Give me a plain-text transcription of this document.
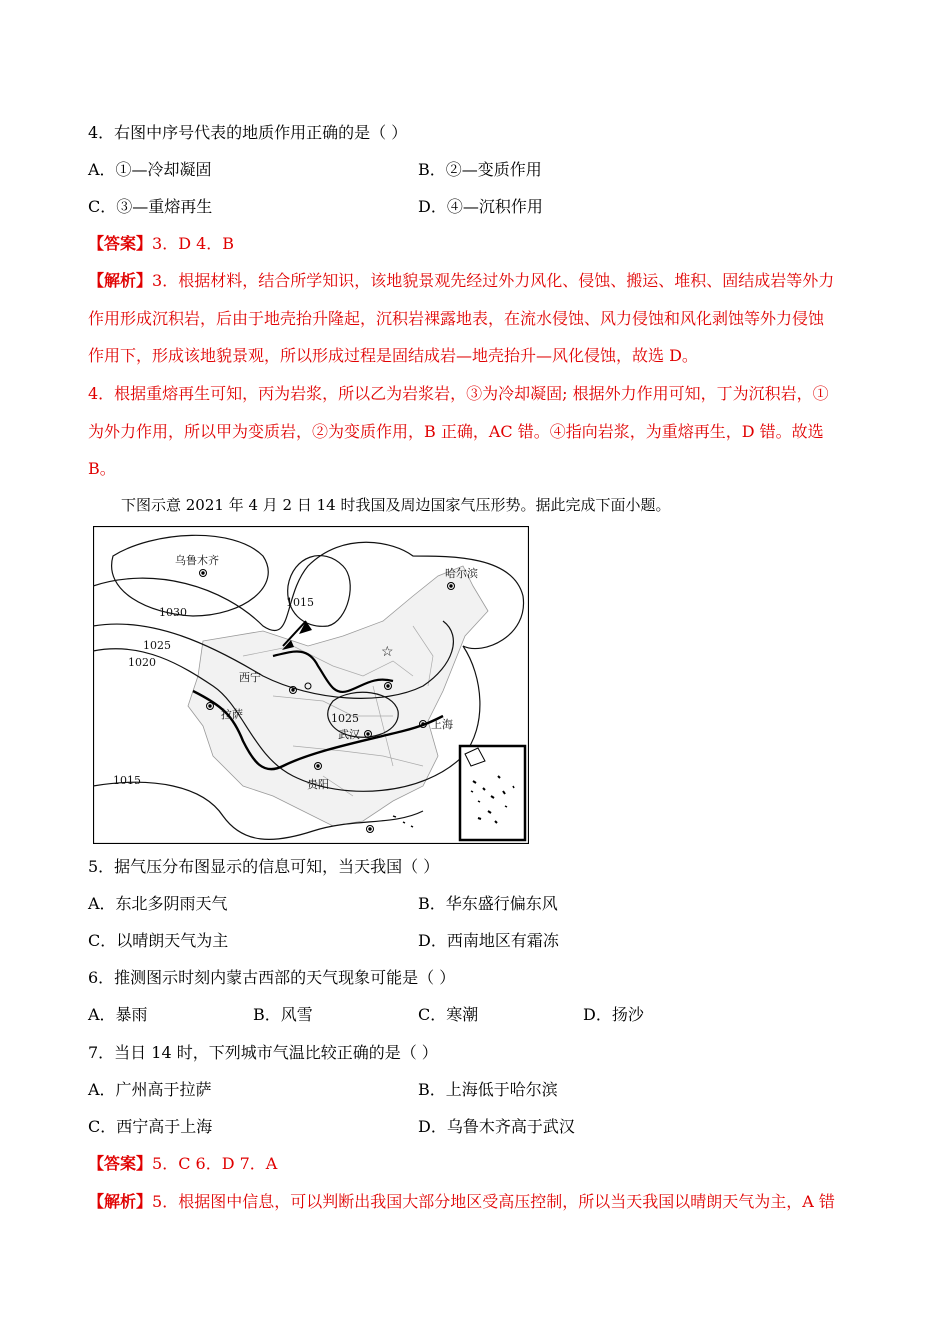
4．右图中序号代表的地质作用正确的是（ ）
A．①—冷却凝固	B．②—变质作用
C．③—重熔再生	D．④—沉积作用
【答案】3．D 4．B
【解析】3．根据材料，结合所学知识，该地貌景观先经过外力风化、侵蚀、搬运、堆积、固结成岩等外力
作用形成沉积岩，后由于地壳抬升隆起，沉积岩裸露地表，在流水侵蚀、风力侵蚀和风化剥蚀等外力侵蚀
作用下，形成该地貌景观，所以形成过程是固结成岩—地壳抬升—风化侵蚀，故选 D。
4．根据重熔再生可知，丙为岩浆，所以乙为岩浆岩，③为冷却凝固; 根据外力作用可知，丁为沉积岩，①
为外力作用，所以甲为变质岩，②为变质作用，B 正确，AC 错。④指向岩浆，为重熔再生，D 错。故选
B。
下图示意 2021 年 4 月 2 日 14 时我国及周边国家气压形势。据此完成下面小题。
☆
乌鲁木齐
哈尔滨
西宁
拉萨
武汉
上海
贵阳
1030
1015
1025
1020
1025
1015
5．据气压分布图显示的信息可知，当天我国（ ）
A．东北多阴雨天气	B．华东盛行偏东风
C．以晴朗天气为主	D．西南地区有霜冻
6．推测图示时刻内蒙古西部的天气现象可能是（ ）
A．暴雨	B．风雪	C．寒潮	D．扬沙
7．当日 14 时，下列城市气温比较正确的是（ ）
A．广州高于拉萨	B．上海低于哈尔滨
C．西宁高于上海	D．乌鲁木齐高于武汉
【答案】5．C 6．D 7．A
【解析】5．根据图中信息，可以判断出我国大部分地区受高压控制，所以当天我国以晴朗天气为主，A 错
